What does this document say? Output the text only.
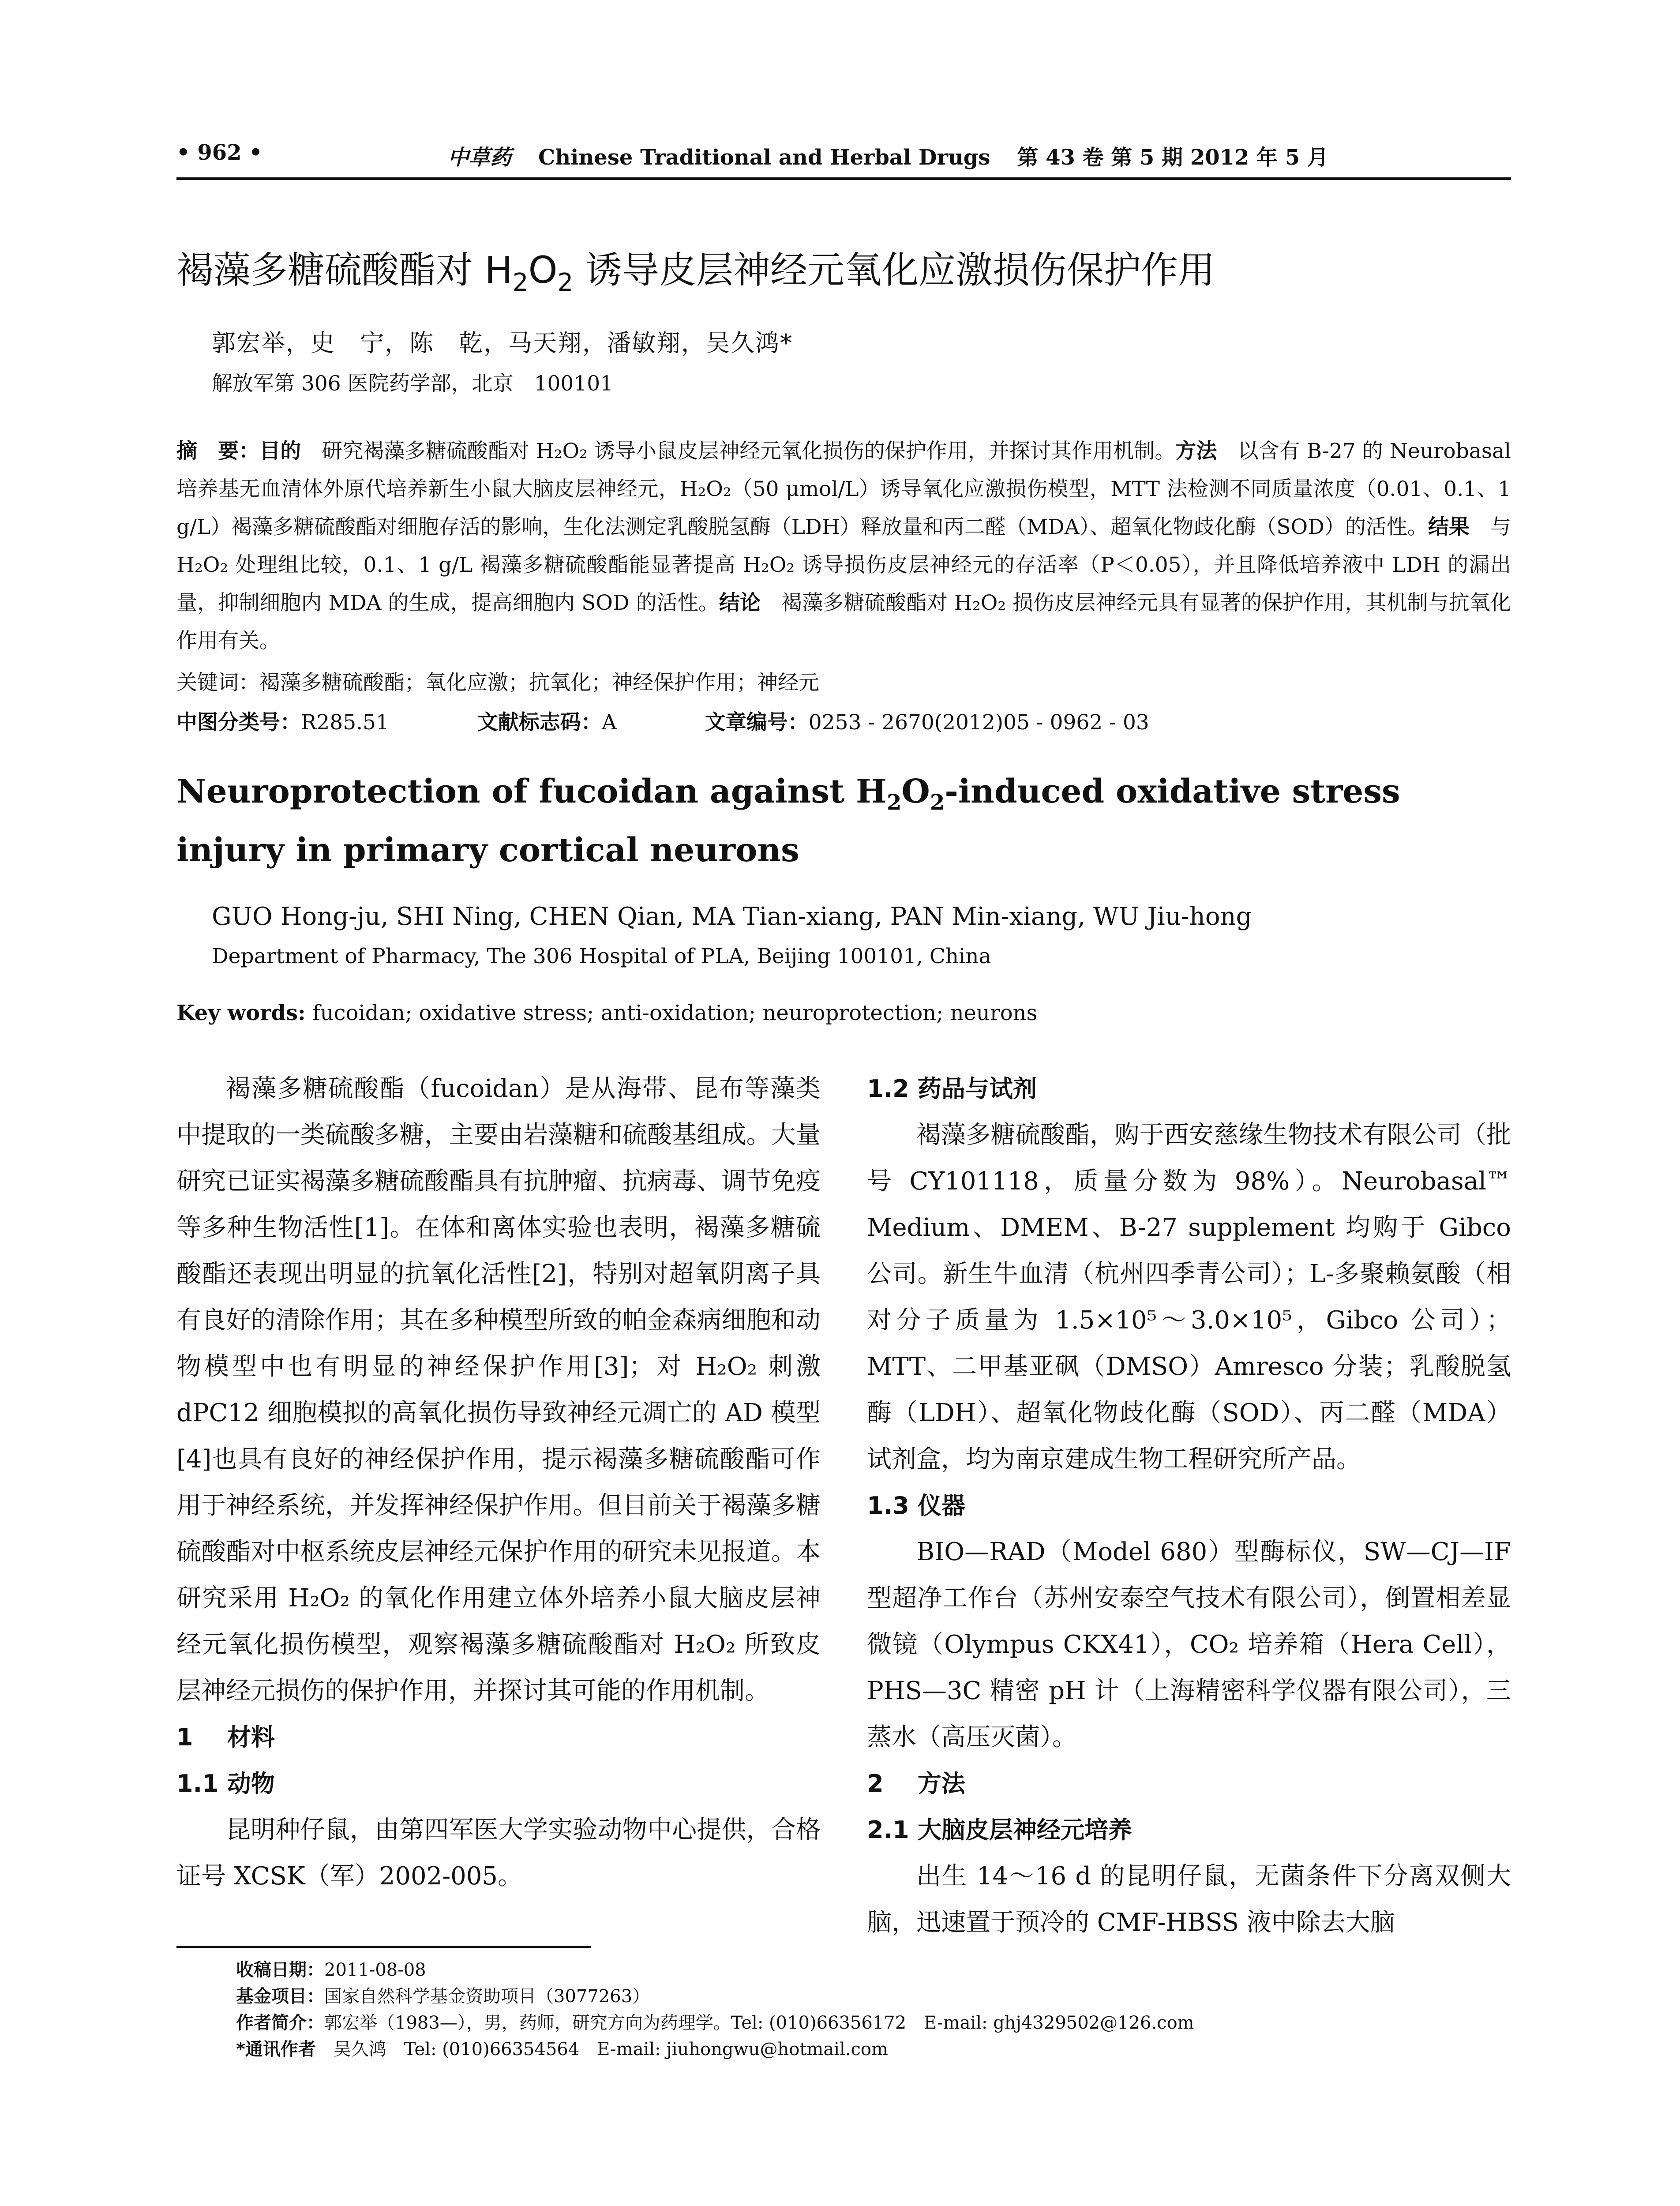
• 962 •	中草药 Chinese Traditional and Herbal Drugs 第 43 卷 第 5 期 2012 年 5 月
褐藻多糖硫酸酯对 $H_2O_2$ 诱导皮层神经元氧化应激损伤保护作用
郭宏举，史　宁，陈　乾，马天翔，潘敏翔，吴久鸿*
解放军第 306 医院药学部，北京　100101
摘　要：目的　研究褐藻多糖硫酸酯对 H₂O₂ 诱导小鼠皮层神经元氧化损伤的保护作用，并探讨其作用机制。方法　以含有 B-27 的 Neurobasal 培养基无血清体外原代培养新生小鼠大脑皮层神经元，H₂O₂（50 μmol/L）诱导氧化应激损伤模型，MTT 法检测不同质量浓度（0.01、0.1、1 g/L）褐藻多糖硫酸酯对细胞存活的影响，生化法测定乳酸脱氢酶（LDH）释放量和丙二醛（MDA）、超氧化物歧化酶（SOD）的活性。结果　与 H₂O₂ 处理组比较，0.1、1 g/L 褐藻多糖硫酸酯能显著提高 H₂O₂ 诱导损伤皮层神经元的存活率（P＜0.05），并且降低培养液中 LDH 的漏出量，抑制细胞内 MDA 的生成，提高细胞内 SOD 的活性。结论　褐藻多糖硫酸酯对 H₂O₂ 损伤皮层神经元具有显著的保护作用，其机制与抗氧化作用有关。
关键词：褐藻多糖硫酸酯；氧化应激；抗氧化；神经保护作用；神经元
中图分类号：R285.51	文献标志码：A	文章编号：0253 - 2670(2012)05 - 0962 - 03
Neuroprotection of fucoidan against $H_2O_2$-induced oxidative stress injury in primary cortical neurons
GUO Hong-ju, SHI Ning, CHEN Qian, MA Tian-xiang, PAN Min-xiang, WU Jiu-hong
Department of Pharmacy, The 306 Hospital of PLA, Beijing 100101, China
Key words: fucoidan; oxidative stress; anti-oxidation; neuroprotection; neurons

褐藻多糖硫酸酯（fucoidan）是从海带、昆布等藻类中提取的一类硫酸多糖，主要由岩藻糖和硫酸基组成。大量研究已证实褐藻多糖硫酸酯具有抗肿瘤、抗病毒、调节免疫等多种生物活性[1]。在体和离体实验也表明，褐藻多糖硫酸酯还表现出明显的抗氧化活性[2]，特别对超氧阴离子具有良好的清除作用；其在多种模型所致的帕金森病细胞和动物模型中也有明显的神经保护作用[3]；对 H₂O₂ 刺激 dPC12 细胞模拟的高氧化损伤导致神经元凋亡的 AD 模型[4]也具有良好的神经保护作用，提示褐藻多糖硫酸酯可作用于神经系统，并发挥神经保护作用。但目前关于褐藻多糖硫酸酯对中枢系统皮层神经元保护作用的研究未见报道。本研究采用 H₂O₂ 的氧化作用建立体外培养小鼠大脑皮层神经元氧化损伤模型，观察褐藻多糖硫酸酯对 H₂O₂ 所致皮层神经元损伤的保护作用，并探讨其可能的作用机制。

1 材料
1.1 动物

昆明种仔鼠，由第四军医大学实验动物中心提供，合格证号 XCSK（军）2002-005。

1.2 药品与试剂

褐藻多糖硫酸酯，购于西安慈缘生物技术有限公司（批号 CY101118，质量分数为 98%）。Neurobasal™ Medium、DMEM、B-27 supplement 均购于 Gibco 公司。新生牛血清（杭州四季青公司）；L-多聚赖氨酸（相对分子质量为 1.5×10⁵～3.0×10⁵，Gibco 公司）；MTT、二甲基亚砜（DMSO）Amresco 分装；乳酸脱氢酶（LDH）、超氧化物歧化酶（SOD）、丙二醛（MDA）试剂盒，均为南京建成生物工程研究所产品。

1.3 仪器

BIO—RAD（Model 680）型酶标仪，SW—CJ—IF 型超净工作台（苏州安泰空气技术有限公司），倒置相差显微镜（Olympus CKX41），CO₂ 培养箱（Hera Cell），PHS—3C 精密 pH 计（上海精密科学仪器有限公司），三蒸水（高压灭菌）。

2 方法
2.1 大脑皮层神经元培养

出生 14～16 d 的昆明仔鼠，无菌条件下分离双侧大脑，迅速置于预冷的 CMF-HBSS 液中除去大脑

收稿日期：2011-08-08
基金项目：国家自然科学基金资助项目（3077263）
作者简介：郭宏举（1983—），男，药师，研究方向为药理学。Tel: (010)66356172　E-mail: ghj4329502@126.com
*通讯作者　吴久鸿　Tel: (010)66354564　E-mail: jiuhongwu@hotmail.com
